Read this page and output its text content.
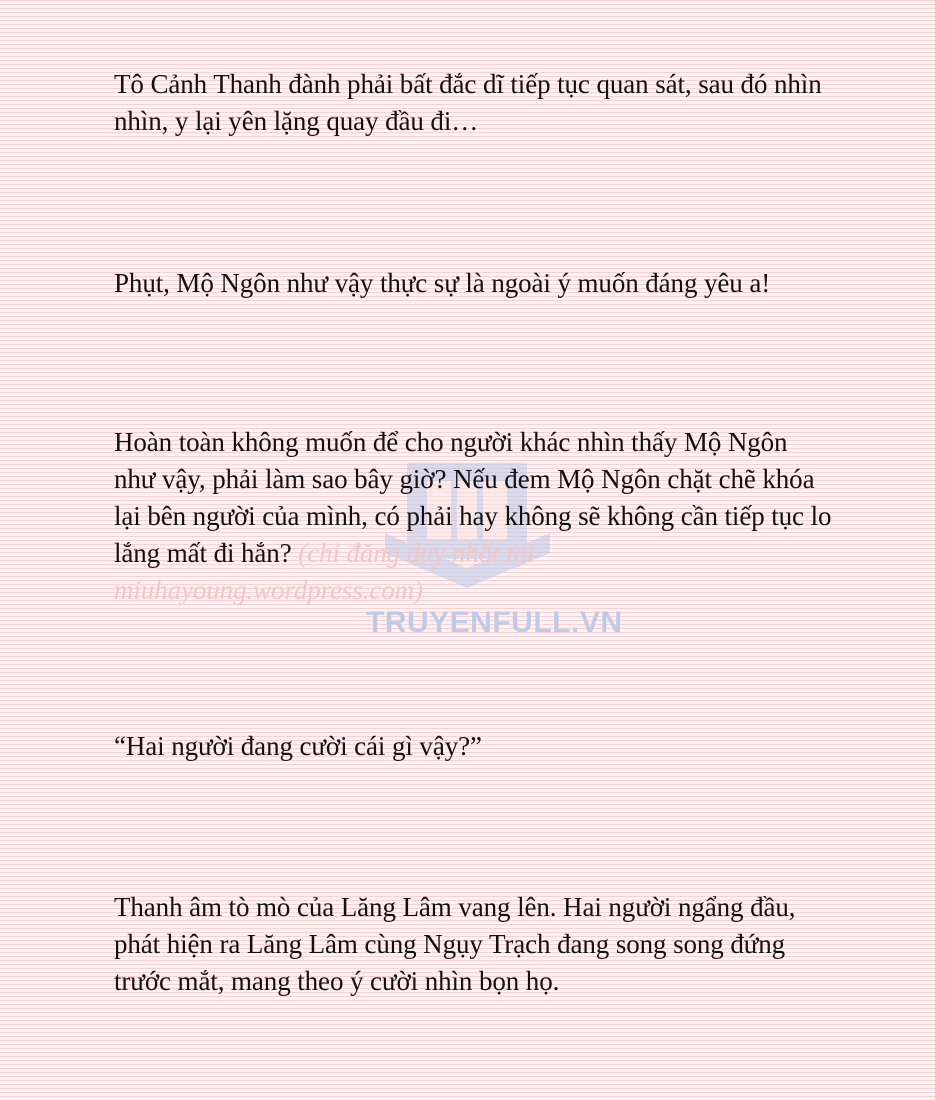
TRUYENFULL.VN

Tô Cảnh Thanh đành phải bất đắc dĩ tiếp tục quan sát, sau đó nhìn nhìn, y lại yên lặng quay đầu đi…

Phụt, Mộ Ngôn như vậy thực sự là ngoài ý muốn đáng yêu a!

Hoàn toàn không muốn để cho người khác nhìn thấy Mộ Ngôn như vậy, phải làm sao bây giờ? Nếu đem Mộ Ngôn chặt chẽ khóa lại bên người của mình, có phải hay không sẽ không cần tiếp tục lo lắng mất đi hắn? (chỉ đăng duy nhất tại miuhayoung.wordpress.com)

“Hai người đang cười cái gì vậy?”

Thanh âm tò mò của Lăng Lâm vang lên. Hai người ngẩng đầu, phát hiện ra Lăng Lâm cùng Ngụy Trạch đang song song đứng trước mắt, mang theo ý cười nhìn bọn họ.
